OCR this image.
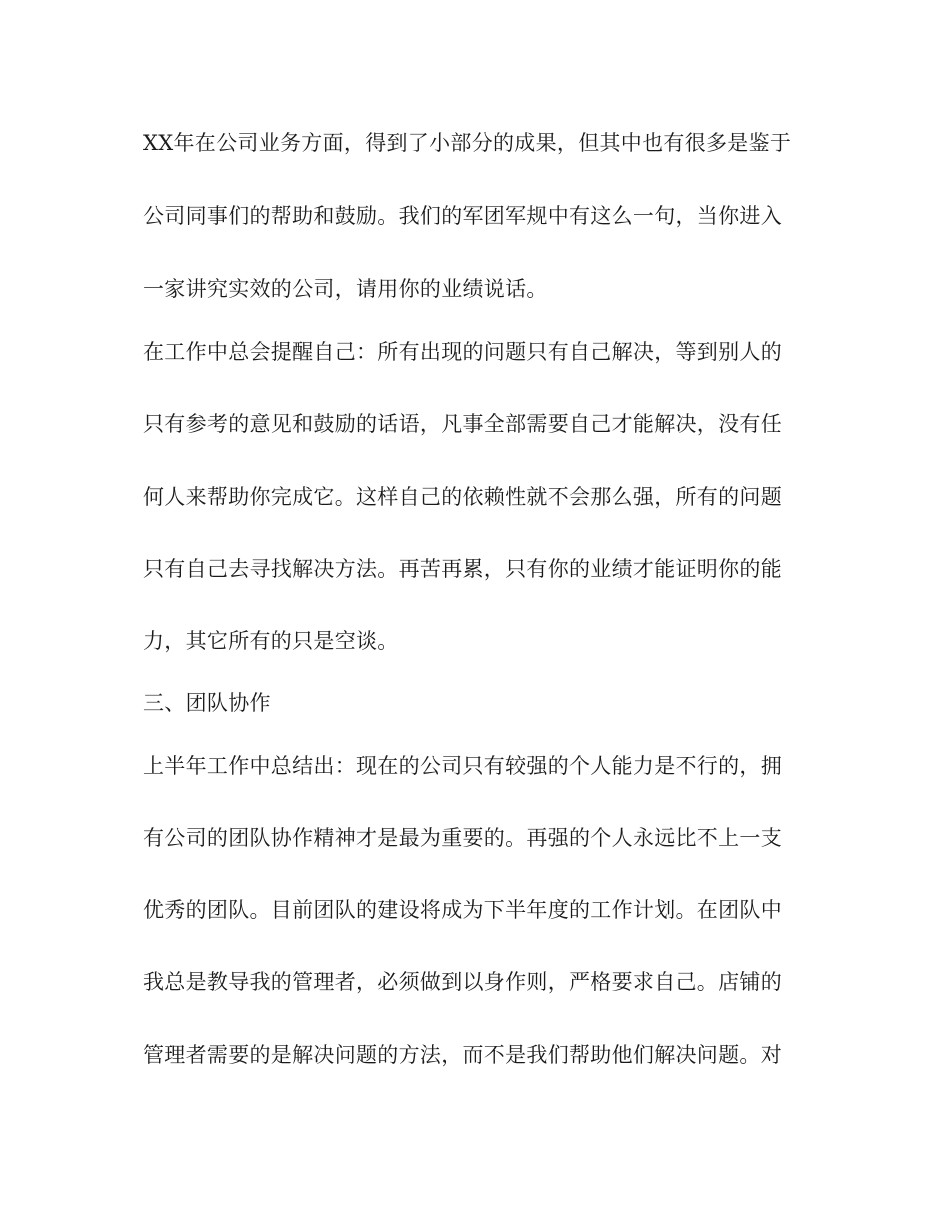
XX年在公司业务方面，得到了小部分的成果，但其中也有很多是鉴于
公司同事们的帮助和鼓励。我们的军团军规中有这么一句，当你进入
一家讲究实效的公司，请用你的业绩说话。
在工作中总会提醒自己：所有出现的问题只有自己解决，等到别人的
只有参考的意见和鼓励的话语，凡事全部需要自己才能解决，没有任
何人来帮助你完成它。这样自己的依赖性就不会那么强，所有的问题
只有自己去寻找解决方法。再苦再累，只有你的业绩才能证明你的能
力，其它所有的只是空谈。
三、团队协作
上半年工作中总结出：现在的公司只有较强的个人能力是不行的，拥
有公司的团队协作精神才是最为重要的。再强的个人永远比不上一支
优秀的团队。目前团队的建设将成为下半年度的工作计划。在团队中
我总是教导我的管理者，必须做到以身作则，严格要求自己。店铺的
管理者需要的是解决问题的方法，而不是我们帮助他们解决问题。对
